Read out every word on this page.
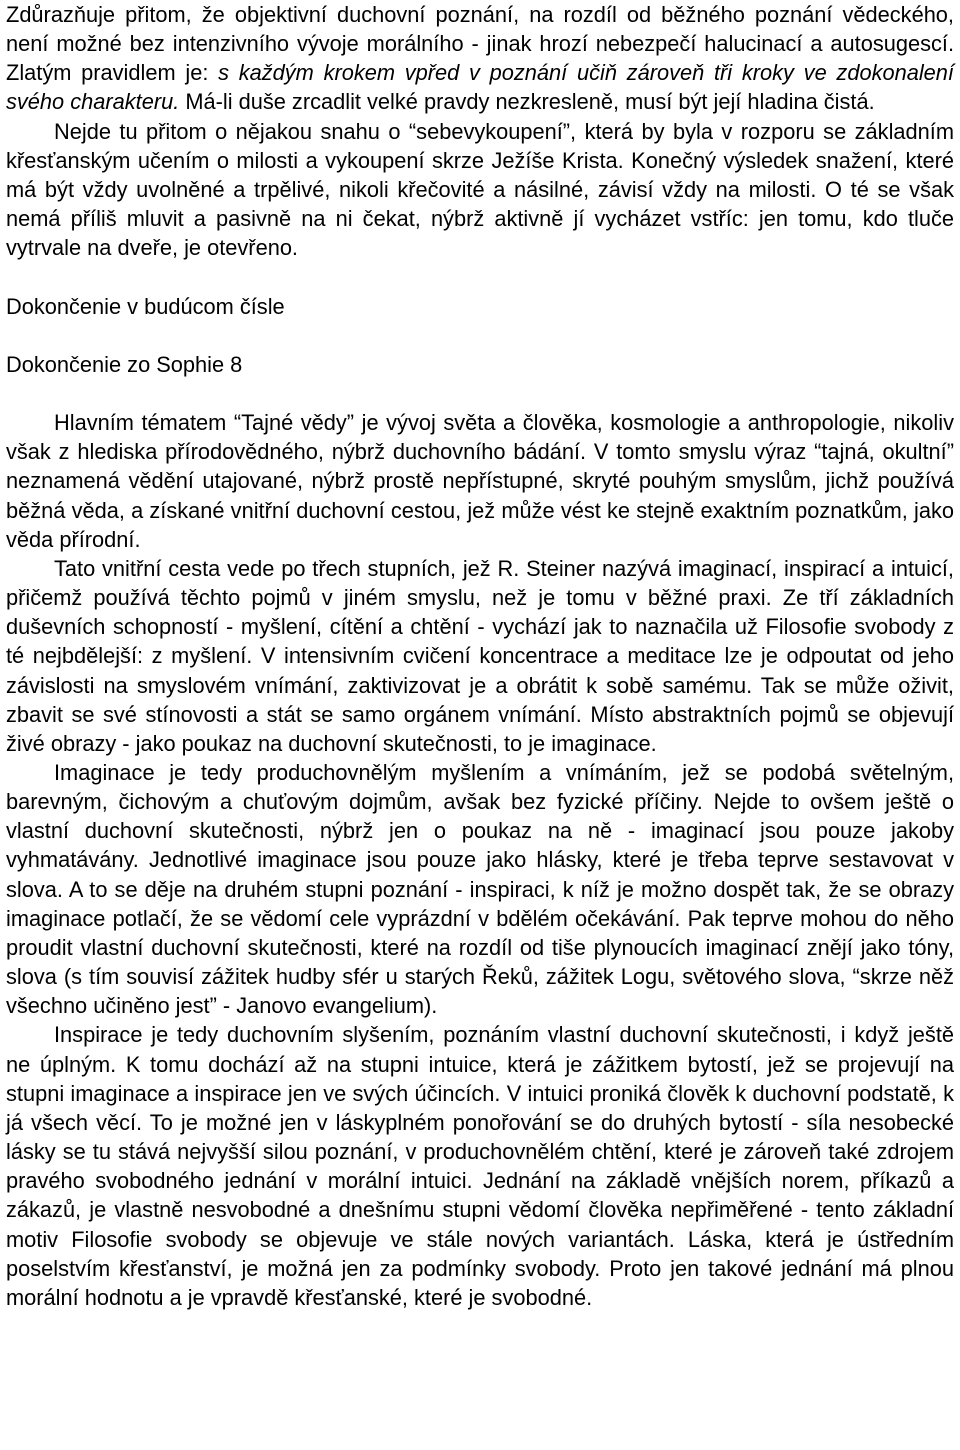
Zdůrazňuje přitom, že objektivní duchovní poznání, na rozdíl od běžného poznání vědeckého, není možné bez intenzivního vývoje morálního - jinak hrozí nebezpečí halucinací a autosugescí. Zlatým pravidlem je: s každým krokem vpřed v poznání učiň zároveň tři kroky ve zdokonalení svého charakteru. Má-li duše zrcadlit velké pravdy nezkresleně, musí být její hladina čistá.

Nejde tu přitom o nějakou snahu o “sebevykoupení”, která by byla v rozporu se základním křesťanským učením o milosti a vykoupení skrze Ježíše Krista. Konečný výsledek snažení, které má být vždy uvolněné a trpělivé, nikoli křečovité a násilné, závisí vždy na milosti. O té se však nemá příliš mluvit a pasivně na ni čekat, nýbrž aktivně jí vycházet vstříc: jen tomu, kdo tluče vytrvale na dveře, je otevřeno.

Dokončenie v budúcom čísle

Dokončenie zo Sophie 8

Hlavním tématem “Tajné vědy” je vývoj světa a člověka, kosmologie a anthropologie, nikoliv však z hlediska přírodovědného, nýbrž duchovního bádání. V tomto smyslu výraz “tajná, okultní” neznamená vědění utajované, nýbrž prostě nepřístupné, skryté pouhým smyslům, jichž používá běžná věda, a získané vnitřní duchovní cestou, jež může vést ke stejně exaktním poznatkům, jako věda přírodní.

Tato vnitřní cesta vede po třech stupních, jež R. Steiner nazývá imaginací, inspirací a intuicí, přičemž používá těchto pojmů v jiném smyslu, než je tomu v běžné praxi. Ze tří základních duševních schopností - myšlení, cítění a chtění - vychází jak to naznačila už Filosofie svobody z té nejbdělejší: z myšlení. V intensivním cvičení koncentrace a meditace lze je odpoutat od jeho závislosti na smyslovém vnímání, zaktivizovat je a obrátit k sobě samému. Tak se může oživit, zbavit se své stínovosti a stát se samo orgánem vnímání. Místo abstraktních pojmů se objevují živé obrazy - jako poukaz na duchovní skutečnosti, to je imaginace.

Imaginace je tedy produchovnělým myšlením a vnímáním, jež se podobá světelným, barevným, čichovým a chuťovým dojmům, avšak bez fyzické příčiny. Nejde to ovšem ještě o vlastní duchovní skutečnosti, nýbrž jen o poukaz na ně - imaginací jsou pouze jakoby vyhmatávány. Jednotlivé imaginace jsou pouze jako hlásky, které je třeba teprve sestavovat v slova. A to se děje na druhém stupni poznání - inspiraci, k níž je možno dospět tak, že se obrazy imaginace potlačí, že se vědomí cele vyprázdní v bdělém očekávání. Pak teprve mohou do něho proudit vlastní duchovní skutečnosti, které na rozdíl od tiše plynoucích imaginací znějí jako tóny, slova (s tím souvisí zážitek hudby sfér u starých Řeků, zážitek Logu, světového slova, “skrze něž všechno učiněno jest” - Janovo evangelium).

Inspirace je tedy duchovním slyšením, poznáním vlastní duchovní skutečnosti, i když ještě ne úplným. K tomu dochází až na stupni intuice, která je zážitkem bytostí, jež se projevují na stupni imaginace a inspirace jen ve svých účincích. V intuici proniká člověk k duchovní podstatě, k já všech věcí. To je možné jen v láskyplném ponořování se do druhých bytostí - síla nesobecké lásky se tu stává nejvyšší silou poznání, v produchovnělém chtění, které je zároveň také zdrojem pravého svobodného jednání v morální intuici. Jednání na základě vnějších norem, příkazů a zákazů, je vlastně nesvobodné a dnešnímu stupni vědomí člověka nepřiměřené - tento základní motiv Filosofie svobody se objevuje ve stále nových variantách. Láska, která je ústředním poselstvím křesťanství, je možná jen za podmínky svobody. Proto jen takové jednání má plnou morální hodnotu a je vpravdě křesťanské, které je svobodné.
